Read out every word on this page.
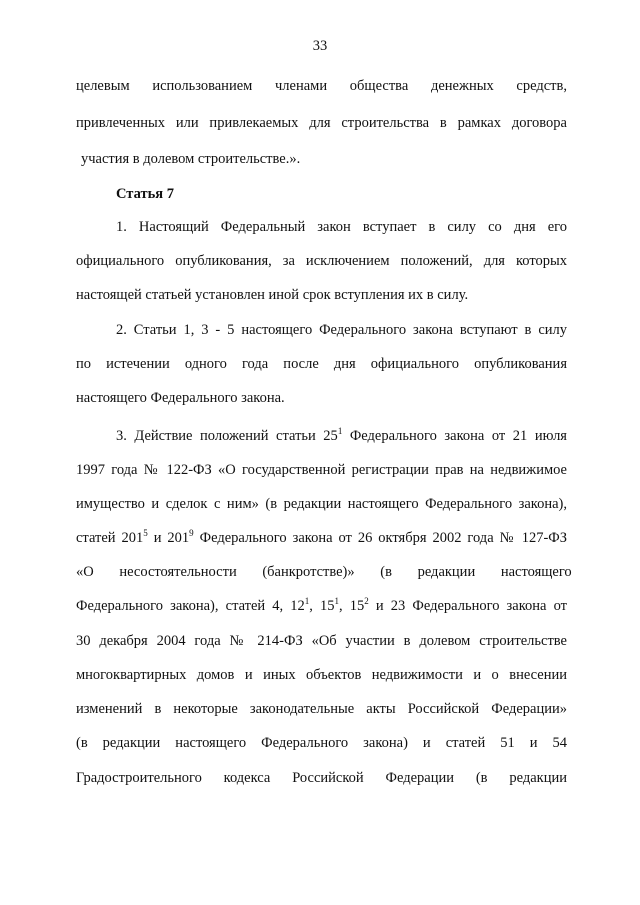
33
целевым использованием членами общества денежных средств,
привлеченных или привлекаемых для строительства в рамках договора
участия в долевом строительстве.».
Статья 7
1. Настоящий Федеральный закон вступает в силу со дня его
официального опубликования, за исключением положений, для которых
настоящей статьей установлен иной срок вступления их в силу.
2. Статьи 1, 3 - 5 настоящего Федерального закона вступают в силу
по истечении одного года после дня официального опубликования
настоящего Федерального закона.
3. Действие положений статьи $25^1$ Федерального закона от 21 июля
1997 года № 122-ФЗ «О государственной регистрации прав на недвижимое
имущество и сделок с ним» (в редакции настоящего Федерального закона),
статей $201^5$ и $201^9$ Федерального закона от 26 октября 2002 года № 127-ФЗ
«О несостоятельности (банкротстве)» (в редакции настоящего
Федерального закона), статей 4, $12^1$, $15^1$, $15^2$ и 23 Федерального закона от
30 декабря 2004 года № 214-ФЗ «Об участии в долевом строительстве
многоквартирных домов и иных объектов недвижимости и о внесении
изменений в некоторые законодательные акты Российской Федерации»
(в редакции настоящего Федерального закона) и статей 51 и 54
Градостроительного кодекса Российской Федерации (в редакции
